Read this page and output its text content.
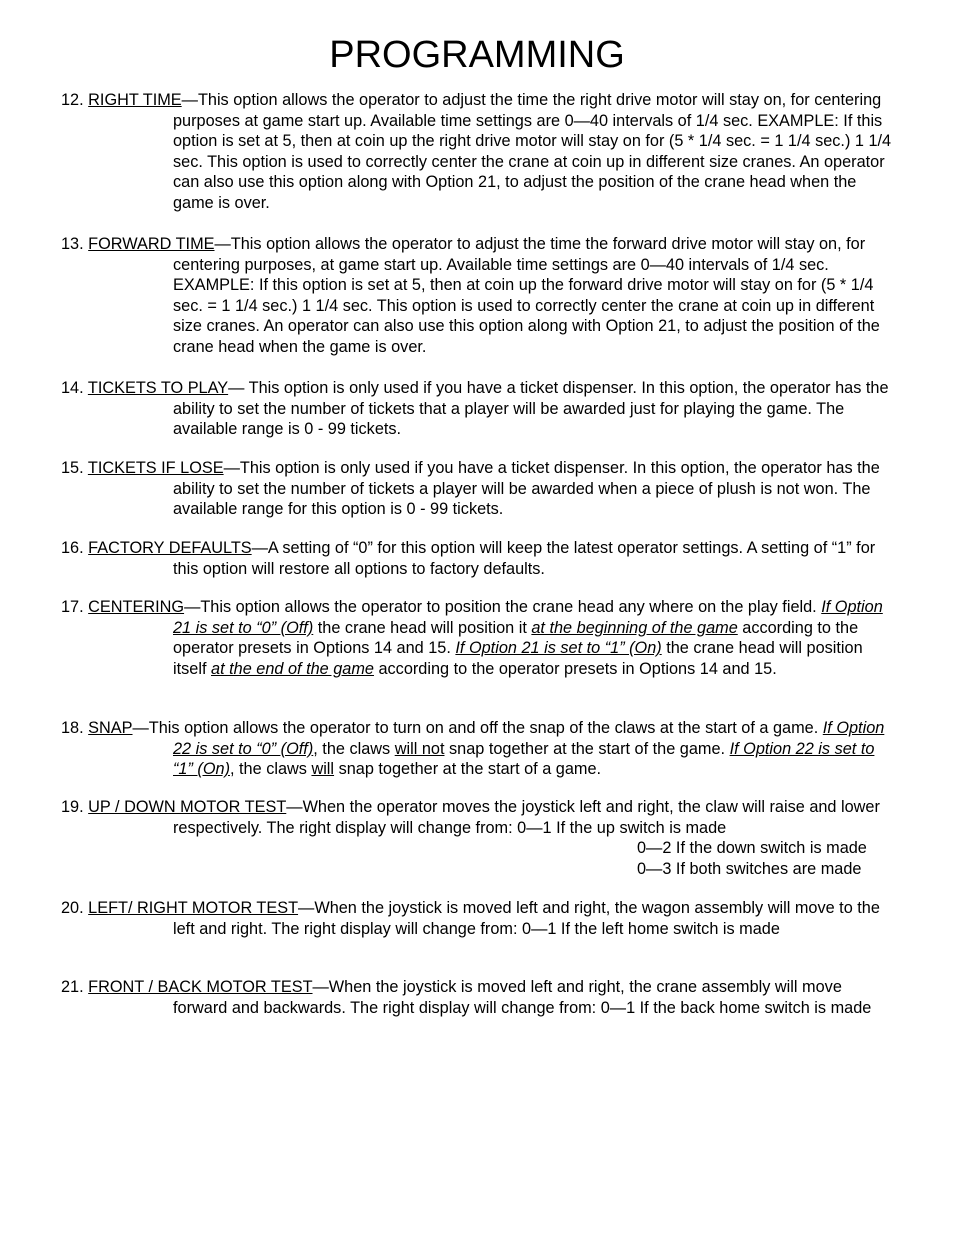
PROGRAMMING

12. RIGHT TIME—This option allows the operator to adjust the time the right drive motor will stay on, for centering purposes at game start up. Available time settings are 0—40 intervals of 1/4 sec. EXAMPLE: If this option is set at 5, then at coin up the right drive motor will stay on for (5 * 1/4 sec. = 1 1/4 sec.) 1 1/4 sec. This option is used to correctly center the crane at coin up in different size cranes. An operator can also use this option along with Option 21, to adjust the position of the crane head when the game is over.

13. FORWARD TIME—This option allows the operator to adjust the time the forward drive motor will stay on, for centering purposes, at game start up. Available time settings are 0—40 intervals of 1/4 sec. EXAMPLE: If this option is set at 5, then at coin up the forward drive motor will stay on for (5 * 1/4 sec. = 1 1/4 sec.) 1 1/4 sec. This option is used to correctly center the crane at coin up in different size cranes. An operator can also use this option along with Option 21, to adjust the position of the crane head when the game is over.

14. TICKETS TO PLAY— This option is only used if you have a ticket dispenser. In this option, the operator has the ability to set the number of tickets that a player will be awarded just for playing the game. The available range is 0 - 99 tickets.

15. TICKETS IF LOSE—This option is only used if you have a ticket dispenser. In this option, the operator has the ability to set the number of tickets a player will be awarded when a piece of plush is not won. The available range for this option is 0 - 99 tickets.

16. FACTORY DEFAULTS—A setting of “0” for this option will keep the latest operator settings. A setting of “1” for this option will restore all options to factory defaults.

17. CENTERING—This option allows the operator to position the crane head any where on the play field. If Option 21 is set to “0” (Off) the crane head will position it at the beginning of the game according to the operator presets in Options 14 and 15. If Option 21 is set to “1” (On) the crane head will position itself at the end of the game according to the operator presets in Options 14 and 15.

18. SNAP—This option allows the operator to turn on and off the snap of the claws at the start of a game. If Option 22 is set to “0” (Off), the claws will not snap together at the start of the game. If Option 22 is set to “1” (On), the claws will snap together at the start of a game.

19. UP / DOWN MOTOR TEST—When the operator moves the joystick left and right, the claw will raise and lower respectively. The right display will change from: 0—1 If the up switch is made

0—2 If the down switch is made

0—3 If both switches are made

20. LEFT/ RIGHT MOTOR TEST—When the joystick is moved left and right, the wagon assembly will move to the left and right. The right display will change from: 0—1 If the left home switch is made

21. FRONT / BACK MOTOR TEST—When the joystick is moved left and right, the crane assembly will move forward and backwards. The right display will change from: 0—1 If the back home switch is made
